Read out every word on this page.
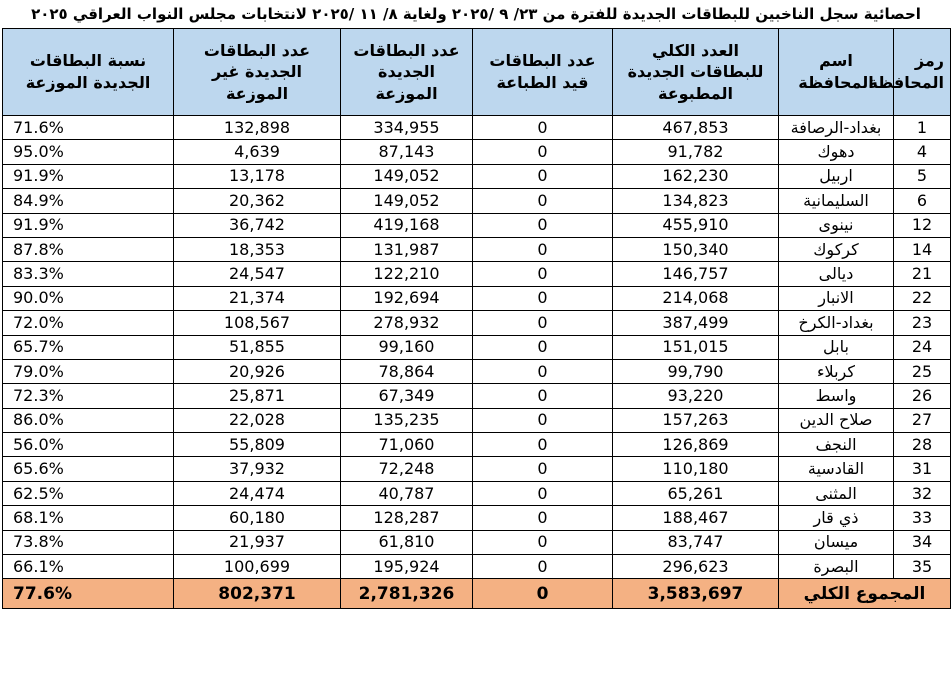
احصائية سجل الناخبين للبطاقات الجديدة للفترة من ٢٣/ ٩ /٢٠٢٥ ولغاية ٨/ ١١ /٢٠٢٥ لانتخابات مجلس النواب العراقي ٢٠٢٥
رمز المحافظة	اسم المحافظة	العدد الكلي للبطاقات الجديدة المطبوعة	عدد البطاقات قيد الطباعة	عدد البطاقات الجديدة الموزعة	عدد البطاقات الجديدة غير الموزعة	نسبة البطاقات الجديدة الموزعة
1	بغداد-الرصافة	467,853	0	334,955	132,898	71.6%
4	دهوك	91,782	0	87,143	4,639	95.0%
5	اربيل	162,230	0	149,052	13,178	91.9%
6	السليمانية	134,823	0	149,052	20,362	84.9%
12	نينوى	455,910	0	419,168	36,742	91.9%
14	كركوك	150,340	0	131,987	18,353	87.8%
21	ديالى	146,757	0	122,210	24,547	83.3%
22	الانبار	214,068	0	192,694	21,374	90.0%
23	بغداد-الكرخ	387,499	0	278,932	108,567	72.0%
24	بابل	151,015	0	99,160	51,855	65.7%
25	كربلاء	99,790	0	78,864	20,926	79.0%
26	واسط	93,220	0	67,349	25,871	72.3%
27	صلاح الدين	157,263	0	135,235	22,028	86.0%
28	النجف	126,869	0	71,060	55,809	56.0%
31	القادسية	110,180	0	72,248	37,932	65.6%
32	المثنى	65,261	0	40,787	24,474	62.5%
33	ذي قار	188,467	0	128,287	60,180	68.1%
34	ميسان	83,747	0	61,810	21,937	73.8%
35	البصرة	296,623	0	195,924	100,699	66.1%
المجموع الكلي		3,583,697	0	2,781,326	802,371	77.6%
